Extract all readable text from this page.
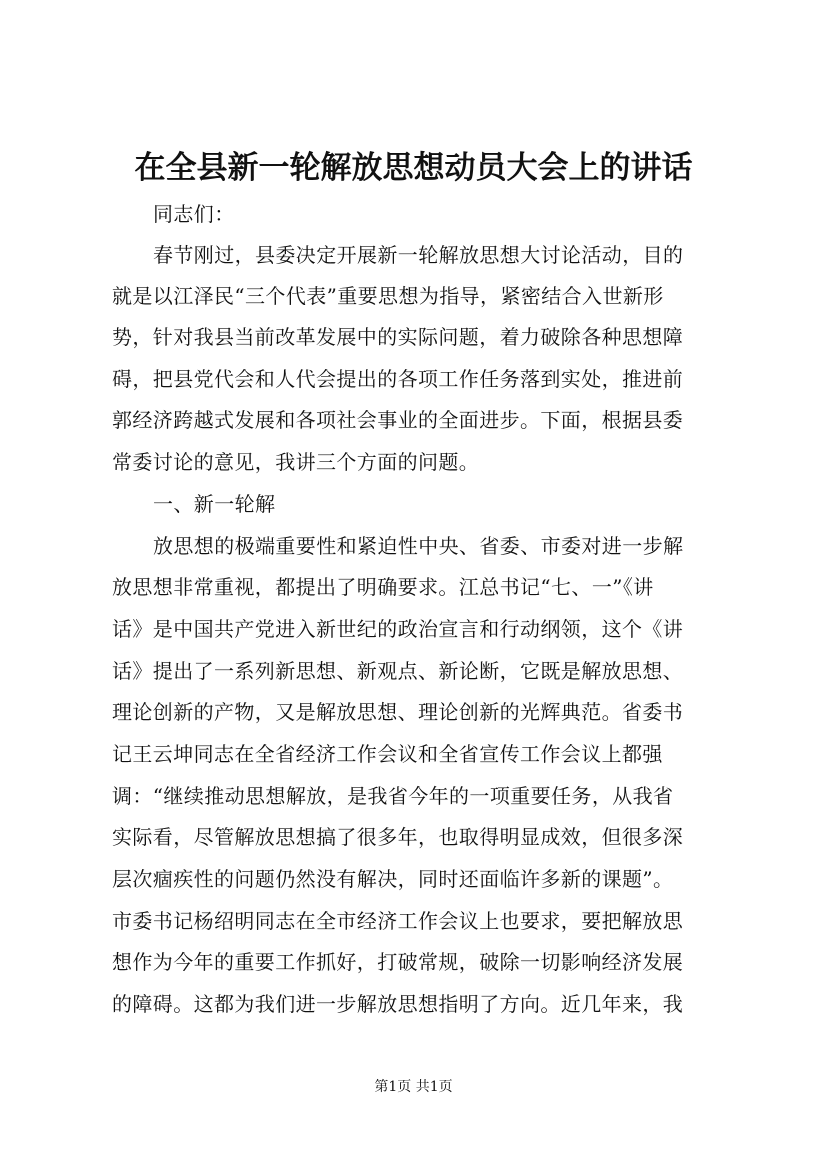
在全县新一轮解放思想动员大会上的讲话
同志们：
春节刚过，县委决定开展新一轮解放思想大讨论活动，目的
就是以江泽民“三个代表”重要思想为指导，紧密结合入世新形
势，针对我县当前改革发展中的实际问题，着力破除各种思想障
碍，把县党代会和人代会提出的各项工作任务落到实处，推进前
郭经济跨越式发展和各项社会事业的全面进步。下面，根据县委
常委讨论的意见，我讲三个方面的问题。
一、新一轮解
放思想的极端重要性和紧迫性中央、省委、市委对进一步解
放思想非常重视，都提出了明确要求。江总书记“七、一”《讲
话》是中国共产党进入新世纪的政治宣言和行动纲领，这个《讲
话》提出了一系列新思想、新观点、新论断，它既是解放思想、
理论创新的产物，又是解放思想、理论创新的光辉典范。省委书
记王云坤同志在全省经济工作会议和全省宣传工作会议上都强
调：“继续推动思想解放，是我省今年的一项重要任务，从我省
实际看，尽管解放思想搞了很多年，也取得明显成效，但很多深
层次痼疾性的问题仍然没有解决，同时还面临许多新的课题”。
市委书记杨绍明同志在全市经济工作会议上也要求，要把解放思
想作为今年的重要工作抓好，打破常规，破除一切影响经济发展
的障碍。这都为我们进一步解放思想指明了方向。近几年来，我
第1页 共1页
